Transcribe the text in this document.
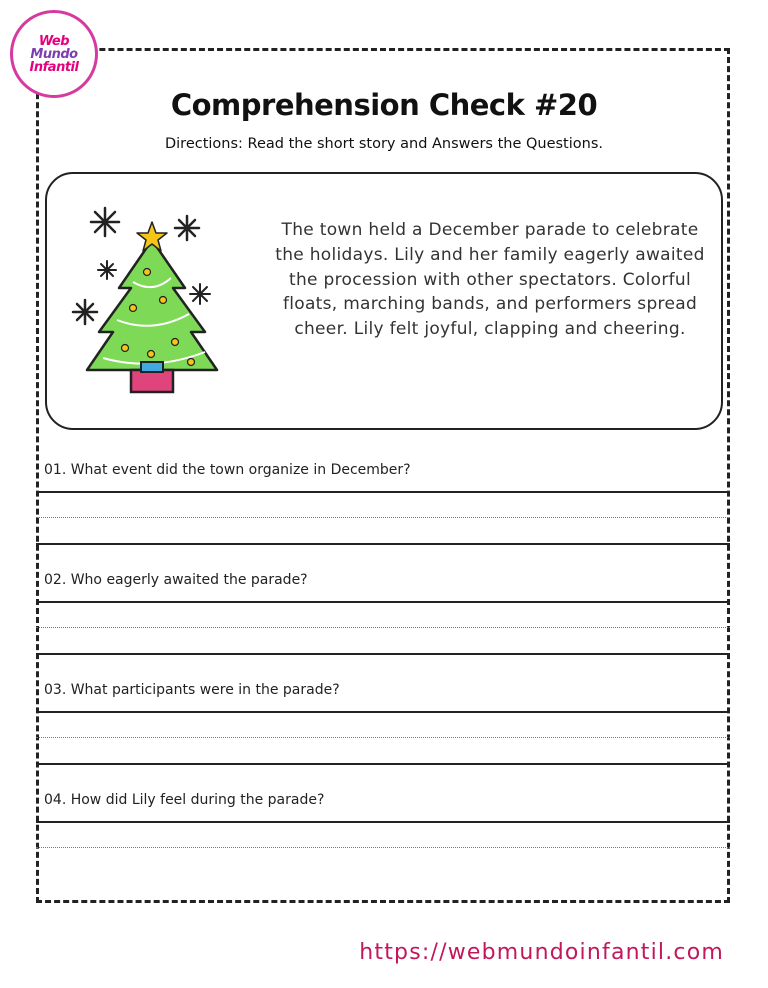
Web
Mundo
Infantil
Comprehension Check #20
Directions: Read the short story and Answers the Questions.
The town held a December parade to celebrate the holidays. Lily and her family eagerly awaited the procession with other spectators. Colorful floats, marching bands, and performers spread cheer. Lily felt joyful, clapping and cheering.
01. What event did the town organize in December?
02. Who eagerly awaited the parade?
03. What participants were in the parade?
04. How did Lily feel during the parade?
https://webmundoinfantil.com
